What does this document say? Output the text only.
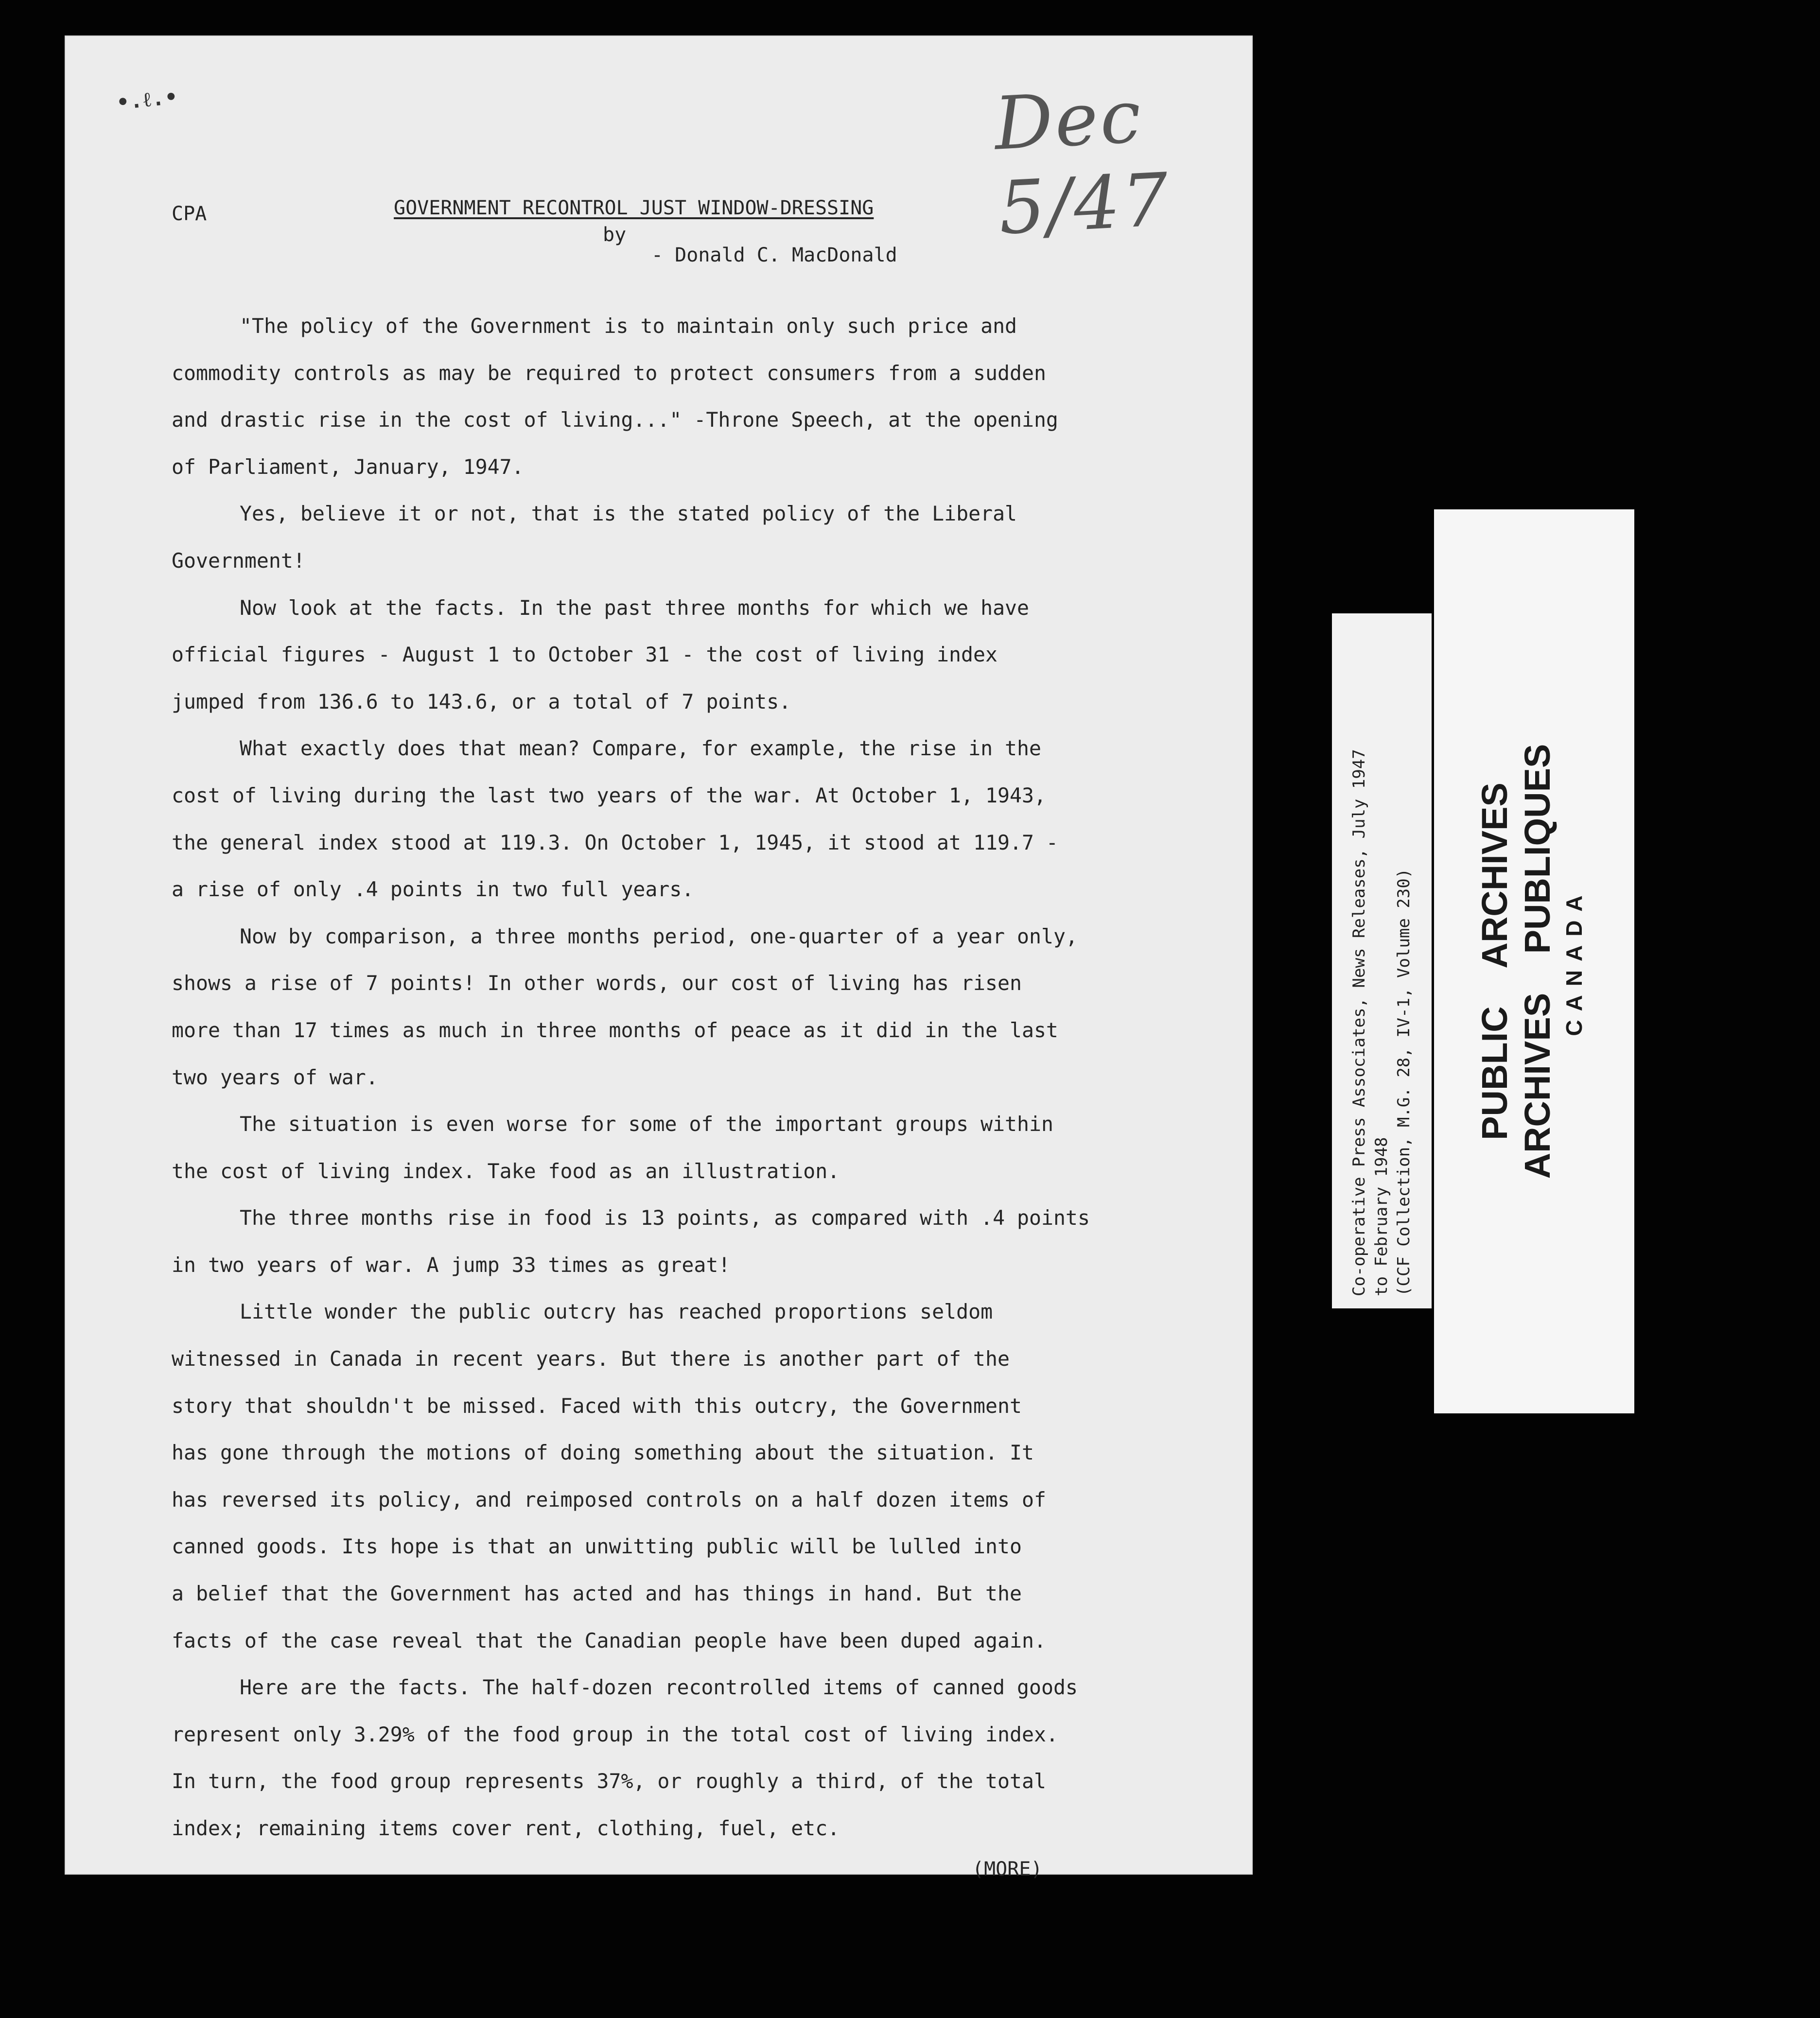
•.ℓ.•	Dec 5/47
CPA	GOVERNMENT RECONTROL JUST WINDOW-DRESSING
by
- Donald C. MacDonald

"The policy of the Government is to maintain only such price and
commodity controls as may be required to protect consumers from a sudden
and drastic rise in the cost of living..." -Throne Speech, at the opening
of Parliament, January, 1947.

Yes, believe it or not, that is the stated policy of the Liberal
Government!

Now look at the facts. In the past three months for which we have
official figures - August 1 to October 31 - the cost of living index
jumped from 136.6 to 143.6, or a total of 7 points.

What exactly does that mean? Compare, for example, the rise in the
cost of living during the last two years of the war. At October 1, 1943,
the general index stood at 119.3. On October 1, 1945, it stood at 119.7 -
a rise of only .4 points in two full years.

Now by comparison, a three months period, one-quarter of a year only,
shows a rise of 7 points! In other words, our cost of living has risen
more than 17 times as much in three months of peace as it did in the last
two years of war.

The situation is even worse for some of the important groups within
the cost of living index. Take food as an illustration.

The three months rise in food is 13 points, as compared with .4 points
in two years of war. A jump 33 times as great!

Little wonder the public outcry has reached proportions seldom
witnessed in Canada in recent years. But there is another part of the
story that shouldn't be missed. Faced with this outcry, the Government
has gone through the motions of doing something about the situation. It
has reversed its policy, and reimposed controls on a half dozen items of
canned goods. Its hope is that an unwitting public will be lulled into
a belief that the Government has acted and has things in hand. But the
facts of the case reveal that the Canadian people have been duped again.

Here are the facts. The half-dozen recontrolled items of canned goods
represent only 3.29% of the food group in the total cost of living index.
In turn, the food group represents 37%, or roughly a third, of the total
index; remaining items cover rent, clothing, fuel, etc.

(MORE)
Co-operative Press Associates, News Releases, July 1947 to February 1948 (CCF Collection, M.G. 28, IV-1, Volume 230) PUBLIC ARCHIVES ARCHIVES PUBLIQUES CANADA
